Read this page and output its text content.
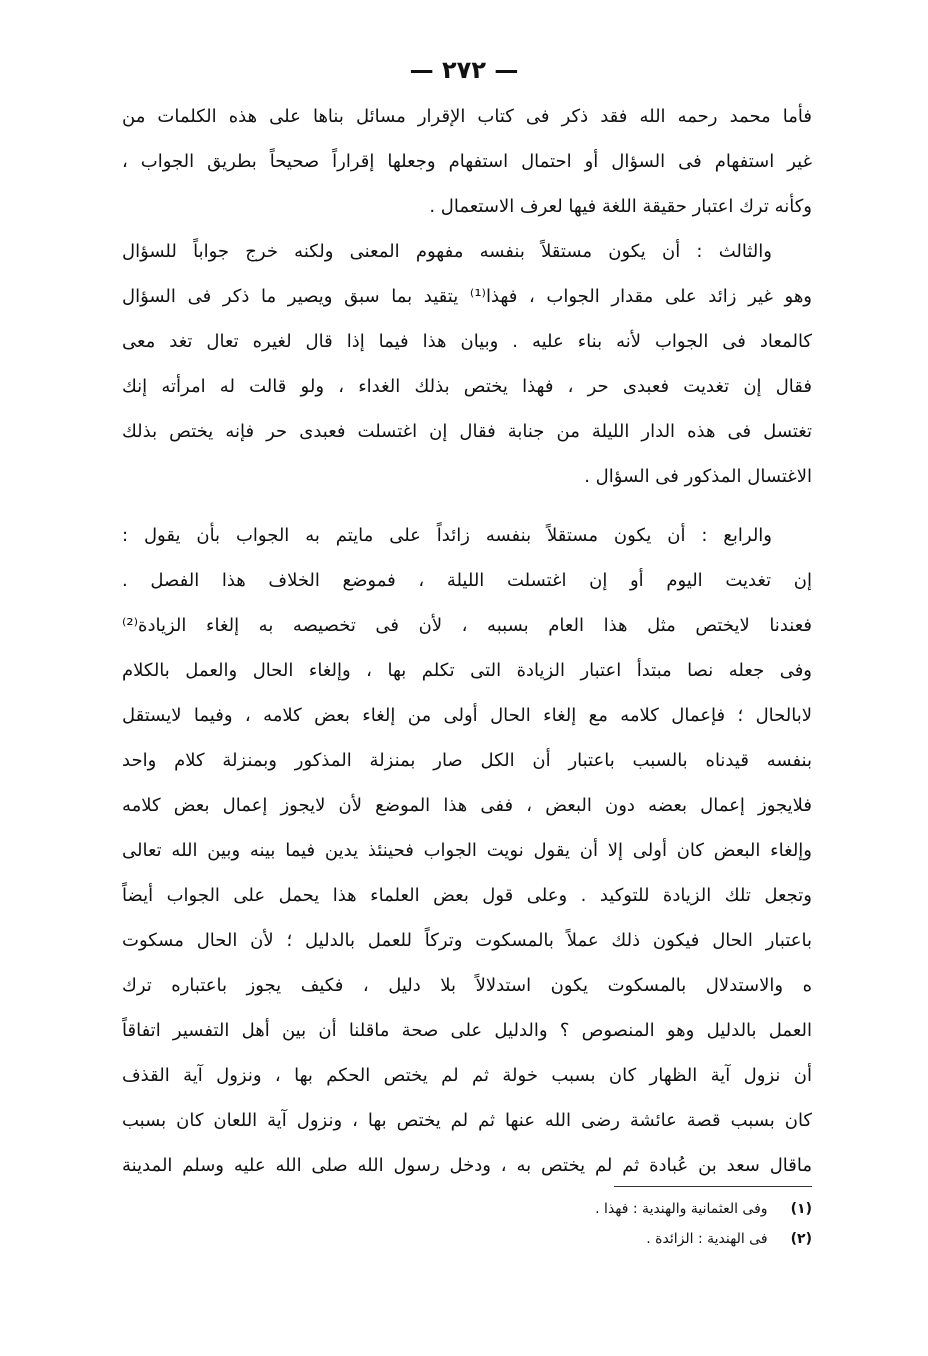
— ٢٧٢ —
فأما محمد رحمه الله فقد ذكر فى كتاب الإقرار مسائل بناها على هذه الكلمات من
غير استفهام فى السؤال أو احتمال استفهام وجعلها إقراراً صحيحاً بطريق الجواب ،
وكأنه ترك اعتبار حقيقة اللغة فيها لعرف الاستعمال .
والثالث : أن يكون مستقلاً بنفسه مفهوم المعنى ولكنه خرج جواباً للسؤال
وهو غير زائد على مقدار الجواب ، فهذا⁽¹⁾ يتقيد بما سبق ويصير ما ذكر فى السؤال
كالمعاد فى الجواب لأنه بناء عليه . وبيان هذا فيما إذا قال لغيره تعال تغد معى
فقال إن تغديت فعبدى حر ، فهذا يختص بذلك الغداء ، ولو قالت له امرأته إنك
تغتسل فى هذه الدار الليلة من جنابة فقال إن اغتسلت فعبدى حر فإنه يختص بذلك
الاغتسال المذكور فى السؤال .
والرابع : أن يكون مستقلاً بنفسه زائداً على مايتم به الجواب بأن يقول :
إن تغديت اليوم أو إن اغتسلت الليلة ، فموضع الخلاف هذا الفصل .
فعندنا لايختص مثل هذا العام بسببه ، لأن فى تخصيصه به إلغاء الزيادة⁽²⁾
وفى جعله نصا مبتدأ اعتبار الزيادة التى تكلم بها ، وإلغاء الحال والعمل بالكلام
لابالحال ؛ فإعمال كلامه مع إلغاء الحال أولى من إلغاء بعض كلامه ، وفيما لايستقل
بنفسه قيدناه بالسبب باعتبار أن الكل صار بمنزلة المذكور وبمنزلة كلام واحد
فلايجوز إعمال بعضه دون البعض ، ففى هذا الموضع لأن لايجوز إعمال بعض كلامه
وإلغاء البعض كان أولى إلا أن يقول نويت الجواب فحينئذ يدين فيما بينه وبين الله تعالى
وتجعل تلك الزيادة للتوكيد . وعلى قول بعض العلماء هذا يحمل على الجواب أيضاً
باعتبار الحال فيكون ذلك عملاً بالمسكوت وتركاً للعمل بالدليل ؛ لأن الحال مسكوت
ه والاستدلال بالمسكوت يكون استدلالاً بلا دليل ، فكيف يجوز باعتباره ترك
العمل بالدليل وهو المنصوص ؟ والدليل على صحة ماقلنا أن بين أهل التفسير اتفاقاً
أن نزول آية الظهار كان بسبب خولة ثم لم يختص الحكم بها ، ونزول آية القذف
كان بسبب قصة عائشة رضى الله عنها ثم لم يختص بها ، ونزول آية اللعان كان بسبب
ماقال سعد بن عُبادة ثم لم يختص به ، ودخل رسول الله صلى الله عليه وسلم المدينة
(١) وفى العثمانية والهندية : فهذا .
(٢) فى الهندية : الزائدة .
